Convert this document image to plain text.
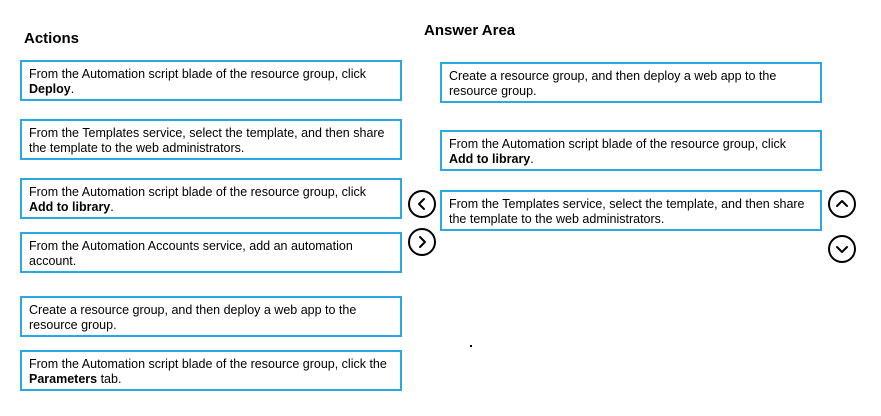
Actions	Answer Area
From the Automation script blade of the resource group, click Deploy.
From the Templates service, select the template, and then share the template to the web administrators.
From the Automation script blade of the resource group, click Add to library.
From the Automation Accounts service, add an automation account.
Create a resource group, and then deploy a web app to the resource group.
From the Automation script blade of the resource group, click the Parameters tab.
Create a resource group, and then deploy a web app to the resource group.
From the Automation script blade of the resource group, click Add to library.
From the Templates service, select the template, and then share the template to the web administrators.
